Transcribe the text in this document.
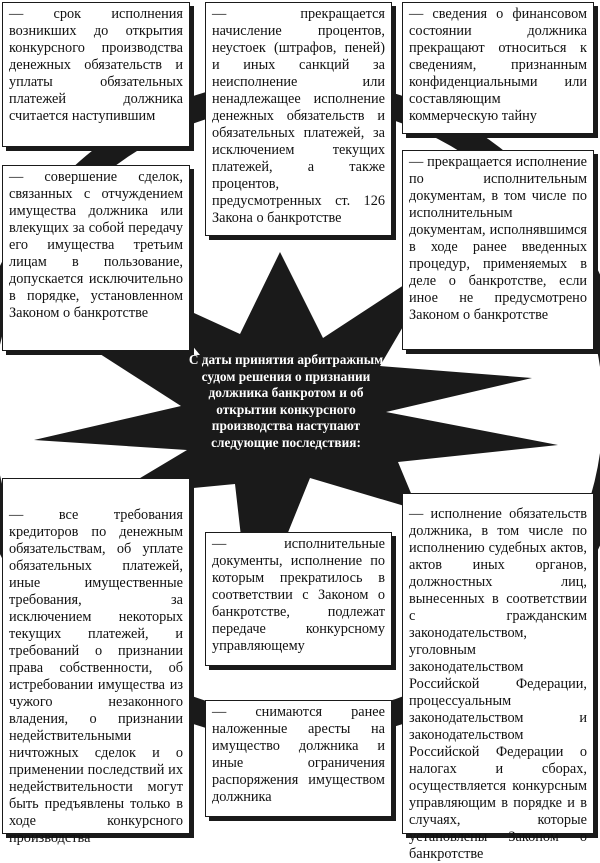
— срок исполнения возникших до открытия конкурсного производства денежных обязательств и уплаты обязательных платежей должника считается наступившим
— прекращается начисление процентов, неустоек (штрафов, пеней) и иных санкций за неисполнение или ненадлежащее исполнение денежных обязательств и обязательных платежей, за исключением текущих платежей, а также процентов, предусмотренных ст. 126 Закона о банкротстве
— сведения о финансовом состоянии должника прекращают относиться к сведениям, признанным конфиденциальными или составляющим коммерческую тайну
— совершение сделок, связанных с отчуждением имущества должника или влекущих за собой передачу его имущества третьим лицам в пользование, допускается исключительно в порядке, установленном Законом о банкротстве
— прекращается исполнение по исполнительным документам, в том числе по исполнительным документам, исполнявшимся в ходе ранее введенных процедур, применяемых в деле о банкротстве, если иное не предусмотрено Законом о банкротстве
— все требования кредиторов по денежным обязательствам, об уплате обязательных платежей, иные имущественные требования, за исключением некоторых текущих платежей, и требований о признании права собственности, об истребовании имущества из чужого незаконного владения, о признании недействительными ничтожных сделок и о применении последствий их недействительности могут быть предъявлены только в ходе конкурсного производства
— исполнительные документы, исполнение по которым прекратилось в соответствии с Законом о банкротстве, подлежат передаче конкурсному управляющему
— снимаются ранее наложенные аресты на имущество должника и иные ограничения распоряжения имуществом должника
— исполнение обязательств должника, в том числе по исполнению судебных актов, актов иных органов, должностных лиц, вынесенных в соответствии с гражданским законодательством, уголовным законодательством Российской Федерации, процессуальным законодательством и законодательством Российской Федерации о налогах и сборах, осуществляется конкурсным управляющим в порядке и в случаях, которые установлены Законом о банкротстве
С даты принятия арбитражным судом решения о признании должника банкротом и об открытии конкурсного производства наступают следующие последствия:
